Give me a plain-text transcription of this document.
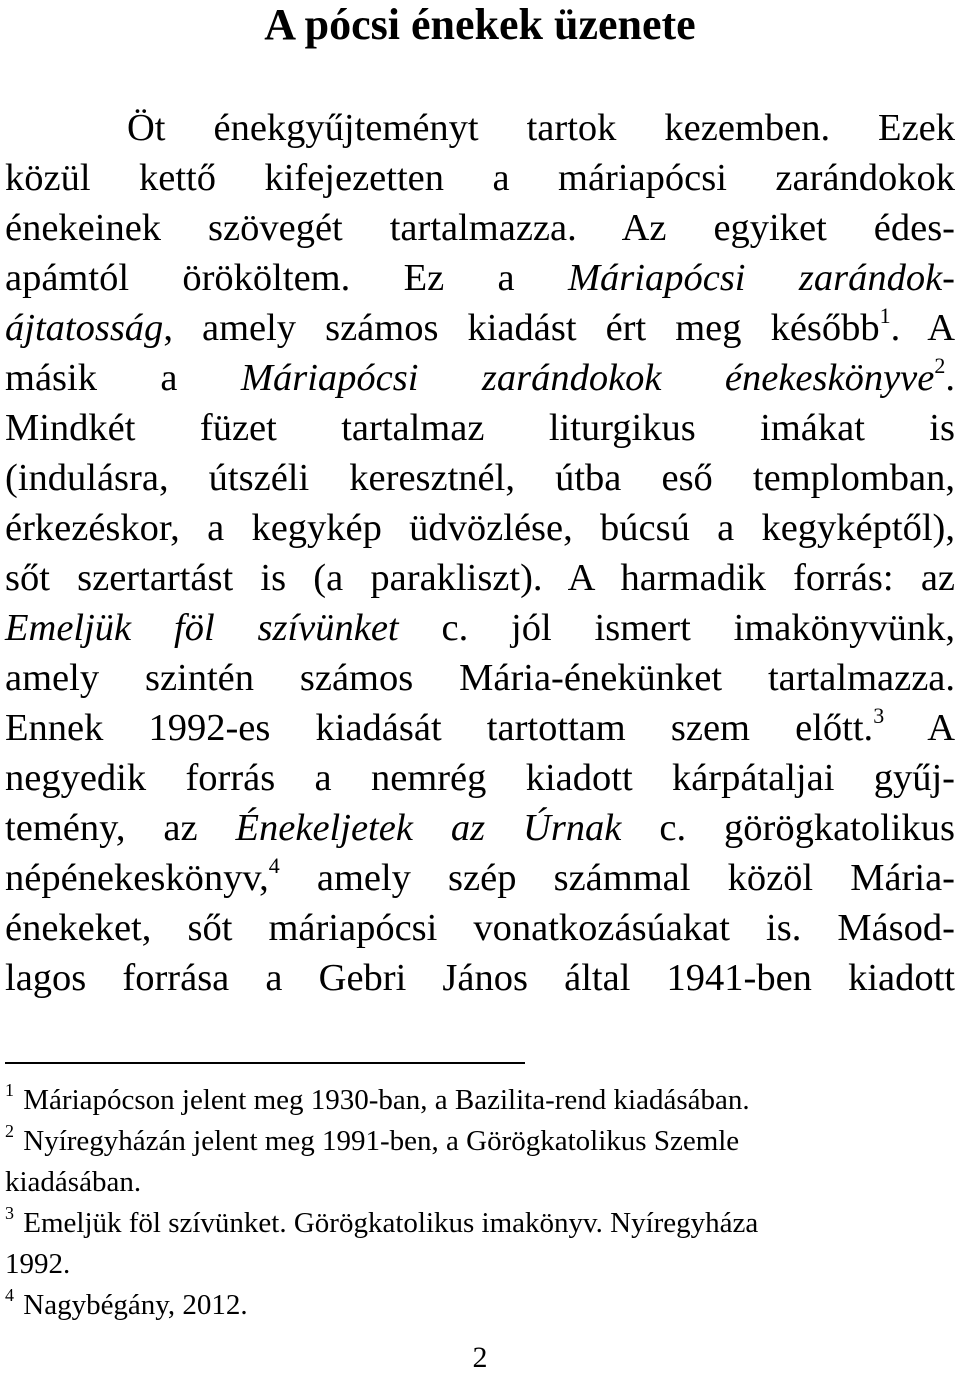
A pócsi énekek üzenete
Öt énekgyűjteményt tartok kezemben. Ezek
közül kettő kifejezetten a máriapócsi zarándokok
énekeinek szövegét tartalmazza. Az egyiket édes-
apámtól örököltem. Ez a Máriapócsi zarándok-
ájtatosság, amely számos kiadást ért meg később$^1$. A
másik a Máriapócsi zarándokok énekeskönyve$^2$.
Mindkét füzet tartalmaz liturgikus imákat is
(indulásra, útszéli keresztnél, útba eső templomban,
érkezéskor, a kegykép üdvözlése, búcsú a kegyképtől),
sőt szertartást is (a parakliszt). A harmadik forrás: az
Emeljük föl szívünket c. jól ismert imakönyvünk,
amely szintén számos Mária-énekünket tartalmazza.
Ennek 1992-es kiadását tartottam szem előtt.$^3$ A
negyedik forrás a nemrég kiadott kárpátaljai gyűj-
temény, az Énekeljetek az Úrnak c. görögkatolikus
népénekeskönyv,$^4$ amely szép számmal közöl Mária-
énekeket, sőt máriapócsi vonatkozásúakat is. Másod-
lagos forrása a Gebri János által 1941-ben kiadott
$^1$ Máriapócson jelent meg 1930-ban, a Bazilita-rend kiadásában.
$^2$ Nyíregyházán jelent meg 1991-ben, a Görögkatolikus Szemle
kiadásában.
$^3$ Emeljük föl szívünket. Görögkatolikus imakönyv. Nyíregyháza
1992.
$^4$ Nagybégány, 2012.
2
